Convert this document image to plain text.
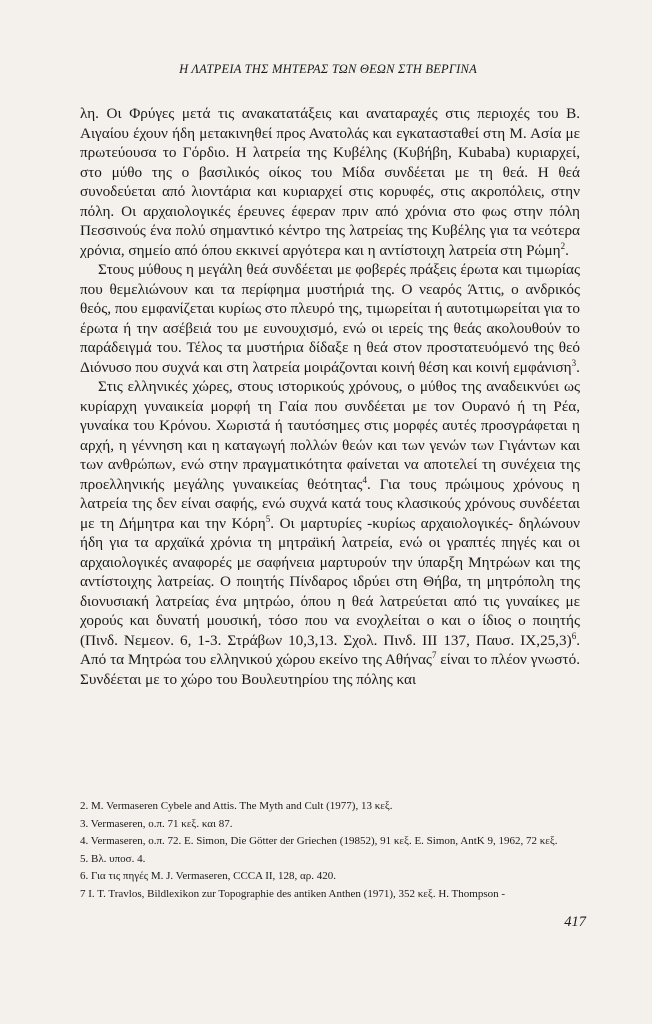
Η ΛΑΤΡΕΙΑ ΤΗΣ ΜΗΤΕΡΑΣ ΤΩΝ ΘΕΩΝ ΣΤΗ ΒΕΡΓΙΝΑ

λη. Οι Φρύγες μετά τις ανακατατάξεις και αναταραχές στις περιοχές του Β. Αιγαίου έχουν ήδη μετακινηθεί προς Ανατολάς και εγκατασταθεί στη Μ. Ασία με πρωτεύουσα το Γόρδιο. Η λατρεία της Κυβέλης (Κυβήβη, Kubaba) κυριαρχεί, στο μύθο της ο βασιλικός οίκος του Μίδα συνδέεται με τη θεά. Η θεά συνοδεύεται από λιοντάρια και κυριαρχεί στις κορυφές, στις ακροπόλεις, στην πόλη. Οι αρχαιολογικές έρευνες έφεραν πριν από χρόνια στο φως στην πόλη Πεσσινούς ένα πολύ σημαντικό κέντρο της λατρείας της Κυβέλης για τα νεότερα χρόνια, σημείο από όπου εκκινεί αργότερα και η αντίστοιχη λατρεία στη Ρώμη$^2$.

Στους μύθους η μεγάλη θεά συνδέεται με φοβερές πράξεις έρωτα και τιμωρίας που θεμελιώνουν και τα περίφημα μυστήριά της. Ο νεαρός Άττις, ο ανδρικός θεός, που εμφανίζεται κυρίως στο πλευρό της, τιμωρείται ή αυτοτιμωρείται για το έρωτα ή την ασέβειά του με ευνουχισμό, ενώ οι ιερείς της θεάς ακολουθούν το παράδειγμά του. Τέλος τα μυστήρια δίδαξε η θεά στον προστατευόμενό της θεό Διόνυσο που συχνά και στη λατρεία μοιράζονται κοινή θέση και κοινή εμφάνιση$^3$.

Στις ελληνικές χώρες, στους ιστορικούς χρόνους, ο μύθος της αναδεικνύει ως κυρίαρχη γυναικεία μορφή τη Γαία που συνδέεται με τον Ουρανό ή τη Ρέα, γυναίκα του Κρόνου. Χωριστά ή ταυτόσημες στις μορφές αυτές προσγράφεται η αρχή, η γέννηση και η καταγωγή πολλών θεών και των γενών των Γιγάντων και των ανθρώπων, ενώ στην πραγματικότητα φαίνεται να αποτελεί τη συνέχεια της προελληνικής μεγάλης γυναικείας θεότητας$^4$. Για τους πρώιμους χρόνους η λατρεία της δεν είναι σαφής, ενώ συχνά κατά τους κλασικούς χρόνους συνδέεται με τη Δήμητρα και την Κόρη$^5$. Οι μαρτυρίες -κυρίως αρχαιολογικές- δηλώνουν ήδη για τα αρχαϊκά χρόνια τη μητρα̈ική λατρεία, ενώ οι γραπτές πηγές και οι αρχαιολογικές αναφορές με σαφήνεια μαρτυρούν την ύπαρξη Μητρώων και της αντίστοιχης λατρείας. Ο ποιητής Πίνδαρος ιδρύει στη Θήβα, τη μητρόπολη της διονυσιακή λατρείας ένα μητρώο, όπου η θεά λατρεύεται από τις γυναίκες με χορούς και δυνατή μουσική, τόσο που να ενοχλείται ο και ο ίδιος ο ποιητής (Πινδ. Νεμεον. 6, 1-3. Στράβων 10,3,13. Σχολ. Πινδ. ΙΙΙ 137, Παυσ. ΙΧ,25,3)$^6$. Από τα Μητρώα του ελληνικού χώρου εκείνο της Αθήνας$^7$ είναι το πλέον γνωστό. Συνδέεται με το χώρο του Βουλευτηρίου της πόλης και

2. M. Vermaseren Cybele and Attis. The Myth and Cult (1977), 13 κεξ.
3. Vermaseren, ο.π. 71 κεξ. και 87.
4. Vermaseren, ο.π. 72. E. Simon, Die Götter der Griechen (19852), 91 κεξ. E. Simon, AntK 9, 1962, 72 κεξ.
5. Βλ. υποσ. 4.
6. Για τις πηγές M. J. Vermaseren, CCCA II, 128, αρ. 420.
7 I. T. Travlos, Bildlexikon zur Topographie des antiken Anthen (1971), 352 κεξ. H. Thompson -
417
